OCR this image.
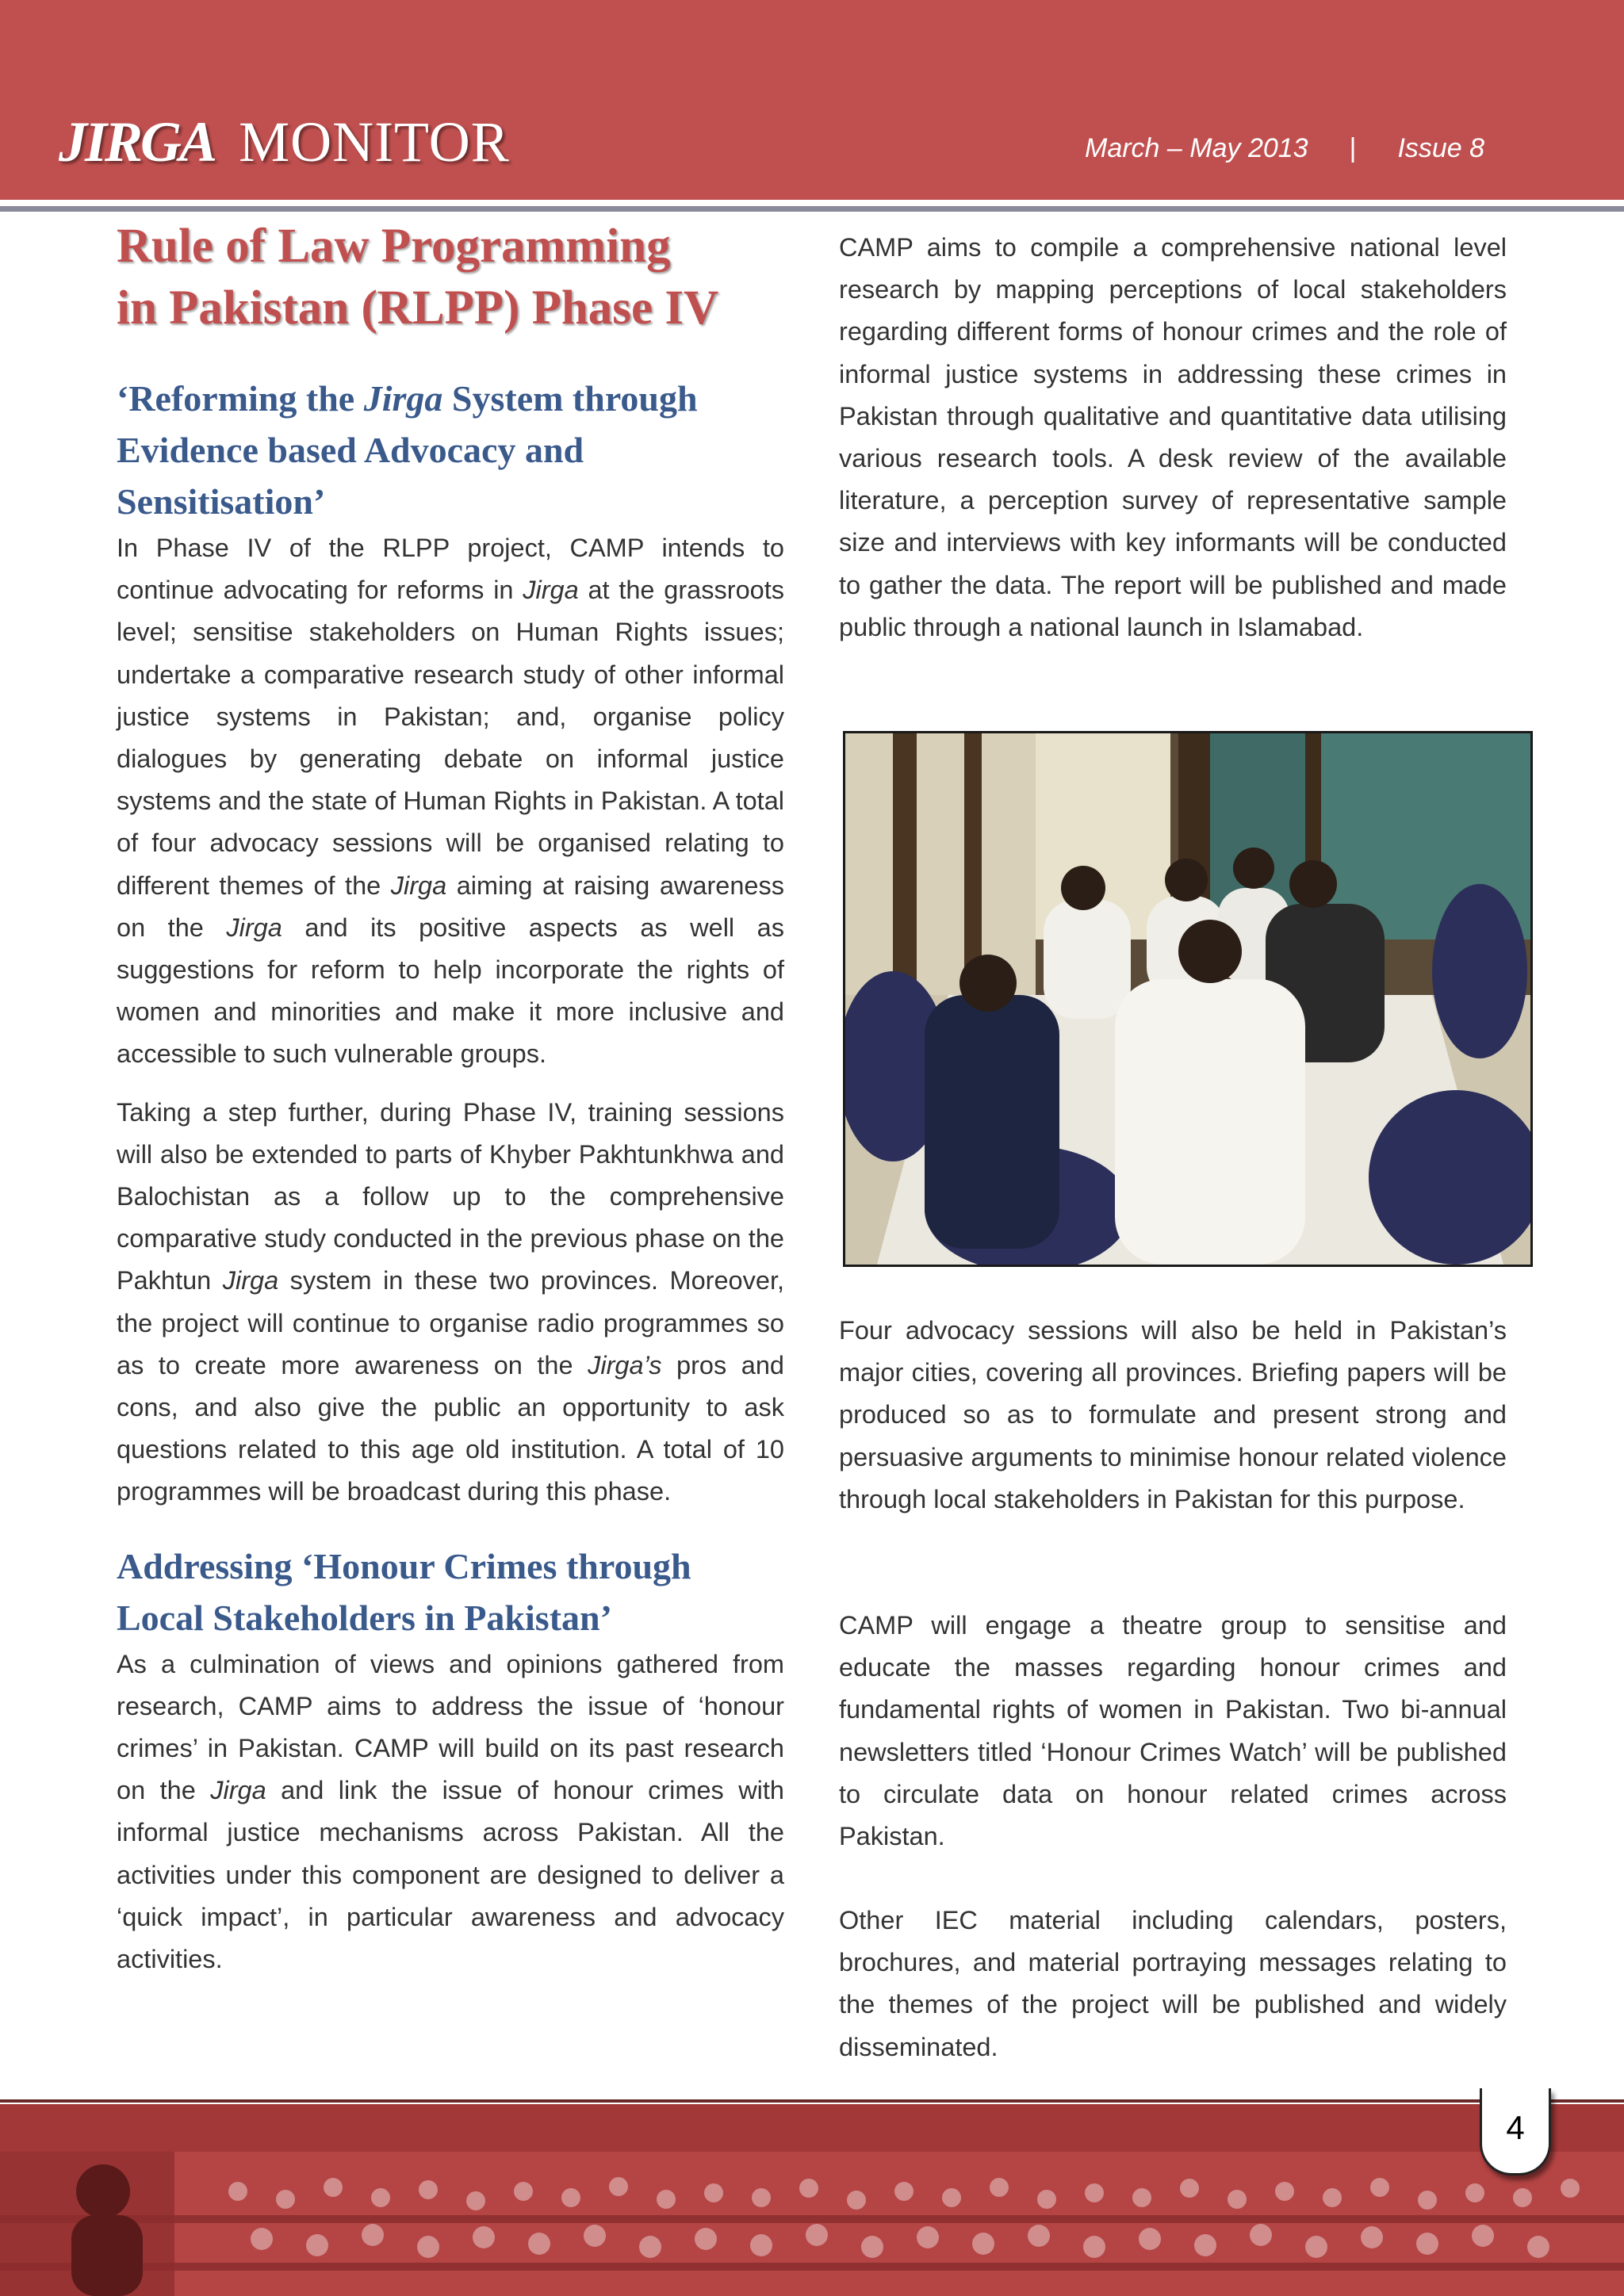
JIRGA MONITOR	March – May 2013 | Issue 8
Rule of Law Programming
in Pakistan (RLPP) Phase IV
‘Reforming the Jirga System through
Evidence based Advocacy and
Sensitisation’

In Phase IV of the RLPP project, CAMP intends to continue advocating for reforms in Jirga at the grassroots level; sensitise stakeholders on Human Rights issues; undertake a comparative research study of other informal justice systems in Pakistan; and, organise policy dialogues by generating debate on informal justice systems and the state of Human Rights in Pakistan. A total of four advocacy sessions will be organised relating to different themes of the Jirga aiming at raising awareness on the Jirga and its positive aspects as well as suggestions for reform to help incorporate the rights of women and minorities and make it more inclusive and accessible to such vulnerable groups.

Taking a step further, during Phase IV, training sessions will also be extended to parts of Khyber Pakhtunkhwa and Balochistan as a follow up to the comprehensive comparative study conducted in the previous phase on the Pakhtun Jirga system in these two provinces. Moreover, the project will continue to organise radio programmes so as to create more awareness on the Jirga’s pros and cons, and also give the public an opportunity to ask questions related to this age old institution. A total of 10 programmes will be broadcast during this phase.

Addressing ‘Honour Crimes through
Local Stakeholders in Pakistan’

As a culmination of views and opinions gathered from research, CAMP aims to address the issue of ‘honour crimes’ in Pakistan. CAMP will build on its past research on the Jirga and link the issue of honour crimes with informal justice mechanisms across Pakistan. All the activities under this component are designed to deliver a ‘quick impact’, in particular awareness and advocacy activities.

CAMP aims to compile a comprehensive national level research by mapping perceptions of local stakeholders regarding different forms of honour crimes and the role of informal justice systems in addressing these crimes in Pakistan through qualitative and quantitative data utilising various research tools. A desk review of the available literature, a perception survey of representative sample size and interviews with key informants will be conducted to gather the data. The report will be published and made public through a national launch in Islamabad.

Four advocacy sessions will also be held in Pakistan’s major cities, covering all provinces. Briefing papers will be produced so as to formulate and present strong and persuasive arguments to minimise honour related violence through local stakeholders in Pakistan for this purpose.

CAMP will engage a theatre group to sensitise and educate the masses regarding honour crimes and fundamental rights of women in Pakistan. Two bi-annual newsletters titled ‘Honour Crimes Watch’ will be published to circulate data on honour related crimes across Pakistan.

Other IEC material including calendars, posters, brochures, and material portraying messages relating to the themes of the project will be published and widely disseminated.

4
